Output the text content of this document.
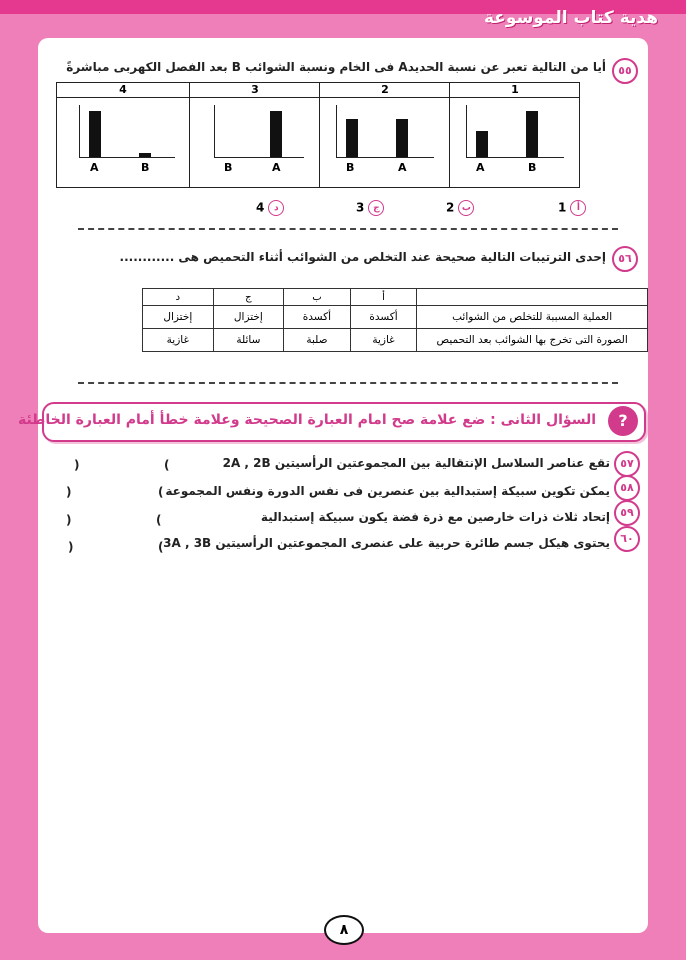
هدية كتاب الموسوعة
٥٥
أيا من التالية تعبر عن نسبة الحديدA فى الخام ونسبة الشوائب B بعد الفصل الكهربى مباشرةً
4
A	B
3
B	A
2
B	A
1
A	B
1 أ
2 ب
3 ج
4 د
٥٦
إحدى الترتيبات التالية صحيحة عند التخلص من الشوائب أثناء التحميص هى ............
	أ	ب	ج	د
العملية المسببة للتخلص من الشوائب	أكسدة	أكسدة	إختزال	إختزال
الصورة التى تخرج بها الشوائب بعد التحميص	غازية	صلبة	سائلة	غازية
?
السؤال الثانى : ضع علامة صح امام العبارة الصحيحة وعلامة خطأ أمام العبارة الخاطئة
٥٧
تقع عناصر السلاسل الإنتقالية بين المجموعتين الرأسيتين 2A , 2B
)	(
٥٨
يمكن تكوين سبيكة إستبدالية بين عنصرين فى نفس الدورة ونفس المجموعة
)	(
٥٩
إتحاد ثلاث ذرات خارصين مع ذرة فضة يكون سبيكة إستبدالية
)	(
٦٠
يحتوى هيكل جسم طائرة حربية على عنصرى المجموعتين الرأسيتين 3A , 3B
)	(
٨
